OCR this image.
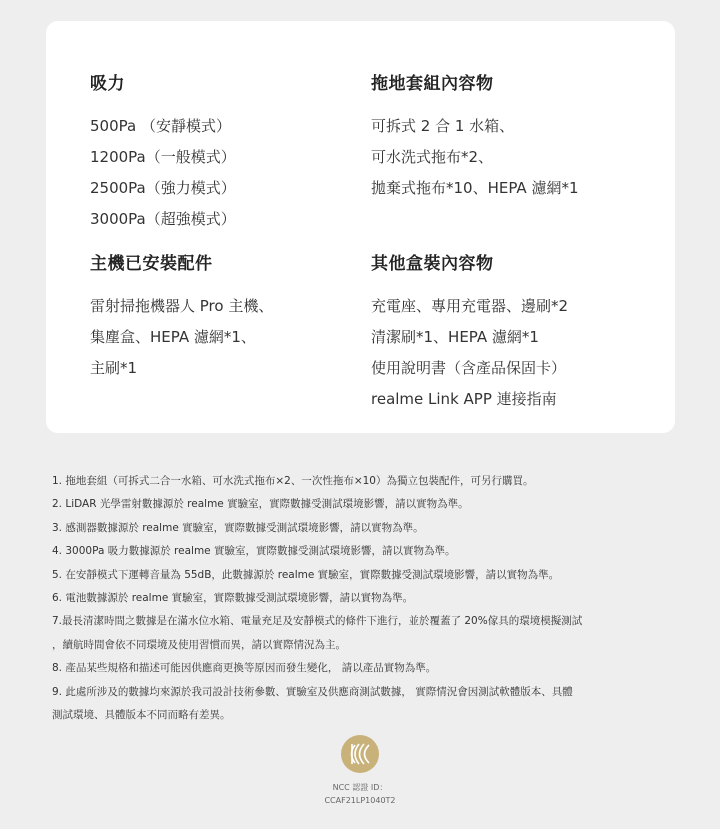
吸力
500Pa （安靜模式）
1200Pa（一般模式）
2500Pa（強力模式）
3000Pa（超強模式）
拖地套組內容物
可拆式 2 合 1 水箱、
可水洗式拖布*2、
拋棄式拖布*10、HEPA 濾網*1
主機已安裝配件
雷射掃拖機器人 Pro 主機、
集塵盒、HEPA 濾網*1、
主刷*1
其他盒裝內容物
充電座、專用充電器、邊刷*2
清潔刷*1、HEPA 濾網*1
使用說明書（含產品保固卡）
realme Link APP 連接指南
1. 拖地套組（可拆式二合一水箱、可水洗式拖布×2、一次性拖布×10）為獨立包裝配件，可另行購買。
2. LiDAR 光學雷射數據源於 realme 實驗室，實際數據受測試環境影響，請以實物為準。
3. 感測器數據源於 realme 實驗室，實際數據受測試環境影響，請以實物為準。
4. 3000Pa 吸力數據源於 realme 實驗室，實際數據受測試環境影響，請以實物為準。
5. 在安靜模式下運轉音量為 55dB，此數據源於 realme 實驗室，實際數據受測試環境影響，請以實物為準。
6. 電池數據源於 realme 實驗室，實際數據受測試環境影響，請以實物為準。
7.最長清潔時間之數據是在滿水位水箱、電量充足及安靜模式的條件下進行，並於覆蓋了 20%傢具的環境模擬測試
，續航時間會依不同環境及使用習慣而異，請以實際情況為主。
8. 產品某些規格和描述可能因供應商更換等原因而發生變化， 請以產品實物為準。
9. 此處所涉及的數據均來源於我司設計技術參數、實驗室及供應商測試數據， 實際情況會因測試軟體版本、具體
測試環境、具體版本不同而略有差異。
NCC 認證 ID：
CCAF21LP1040T2
